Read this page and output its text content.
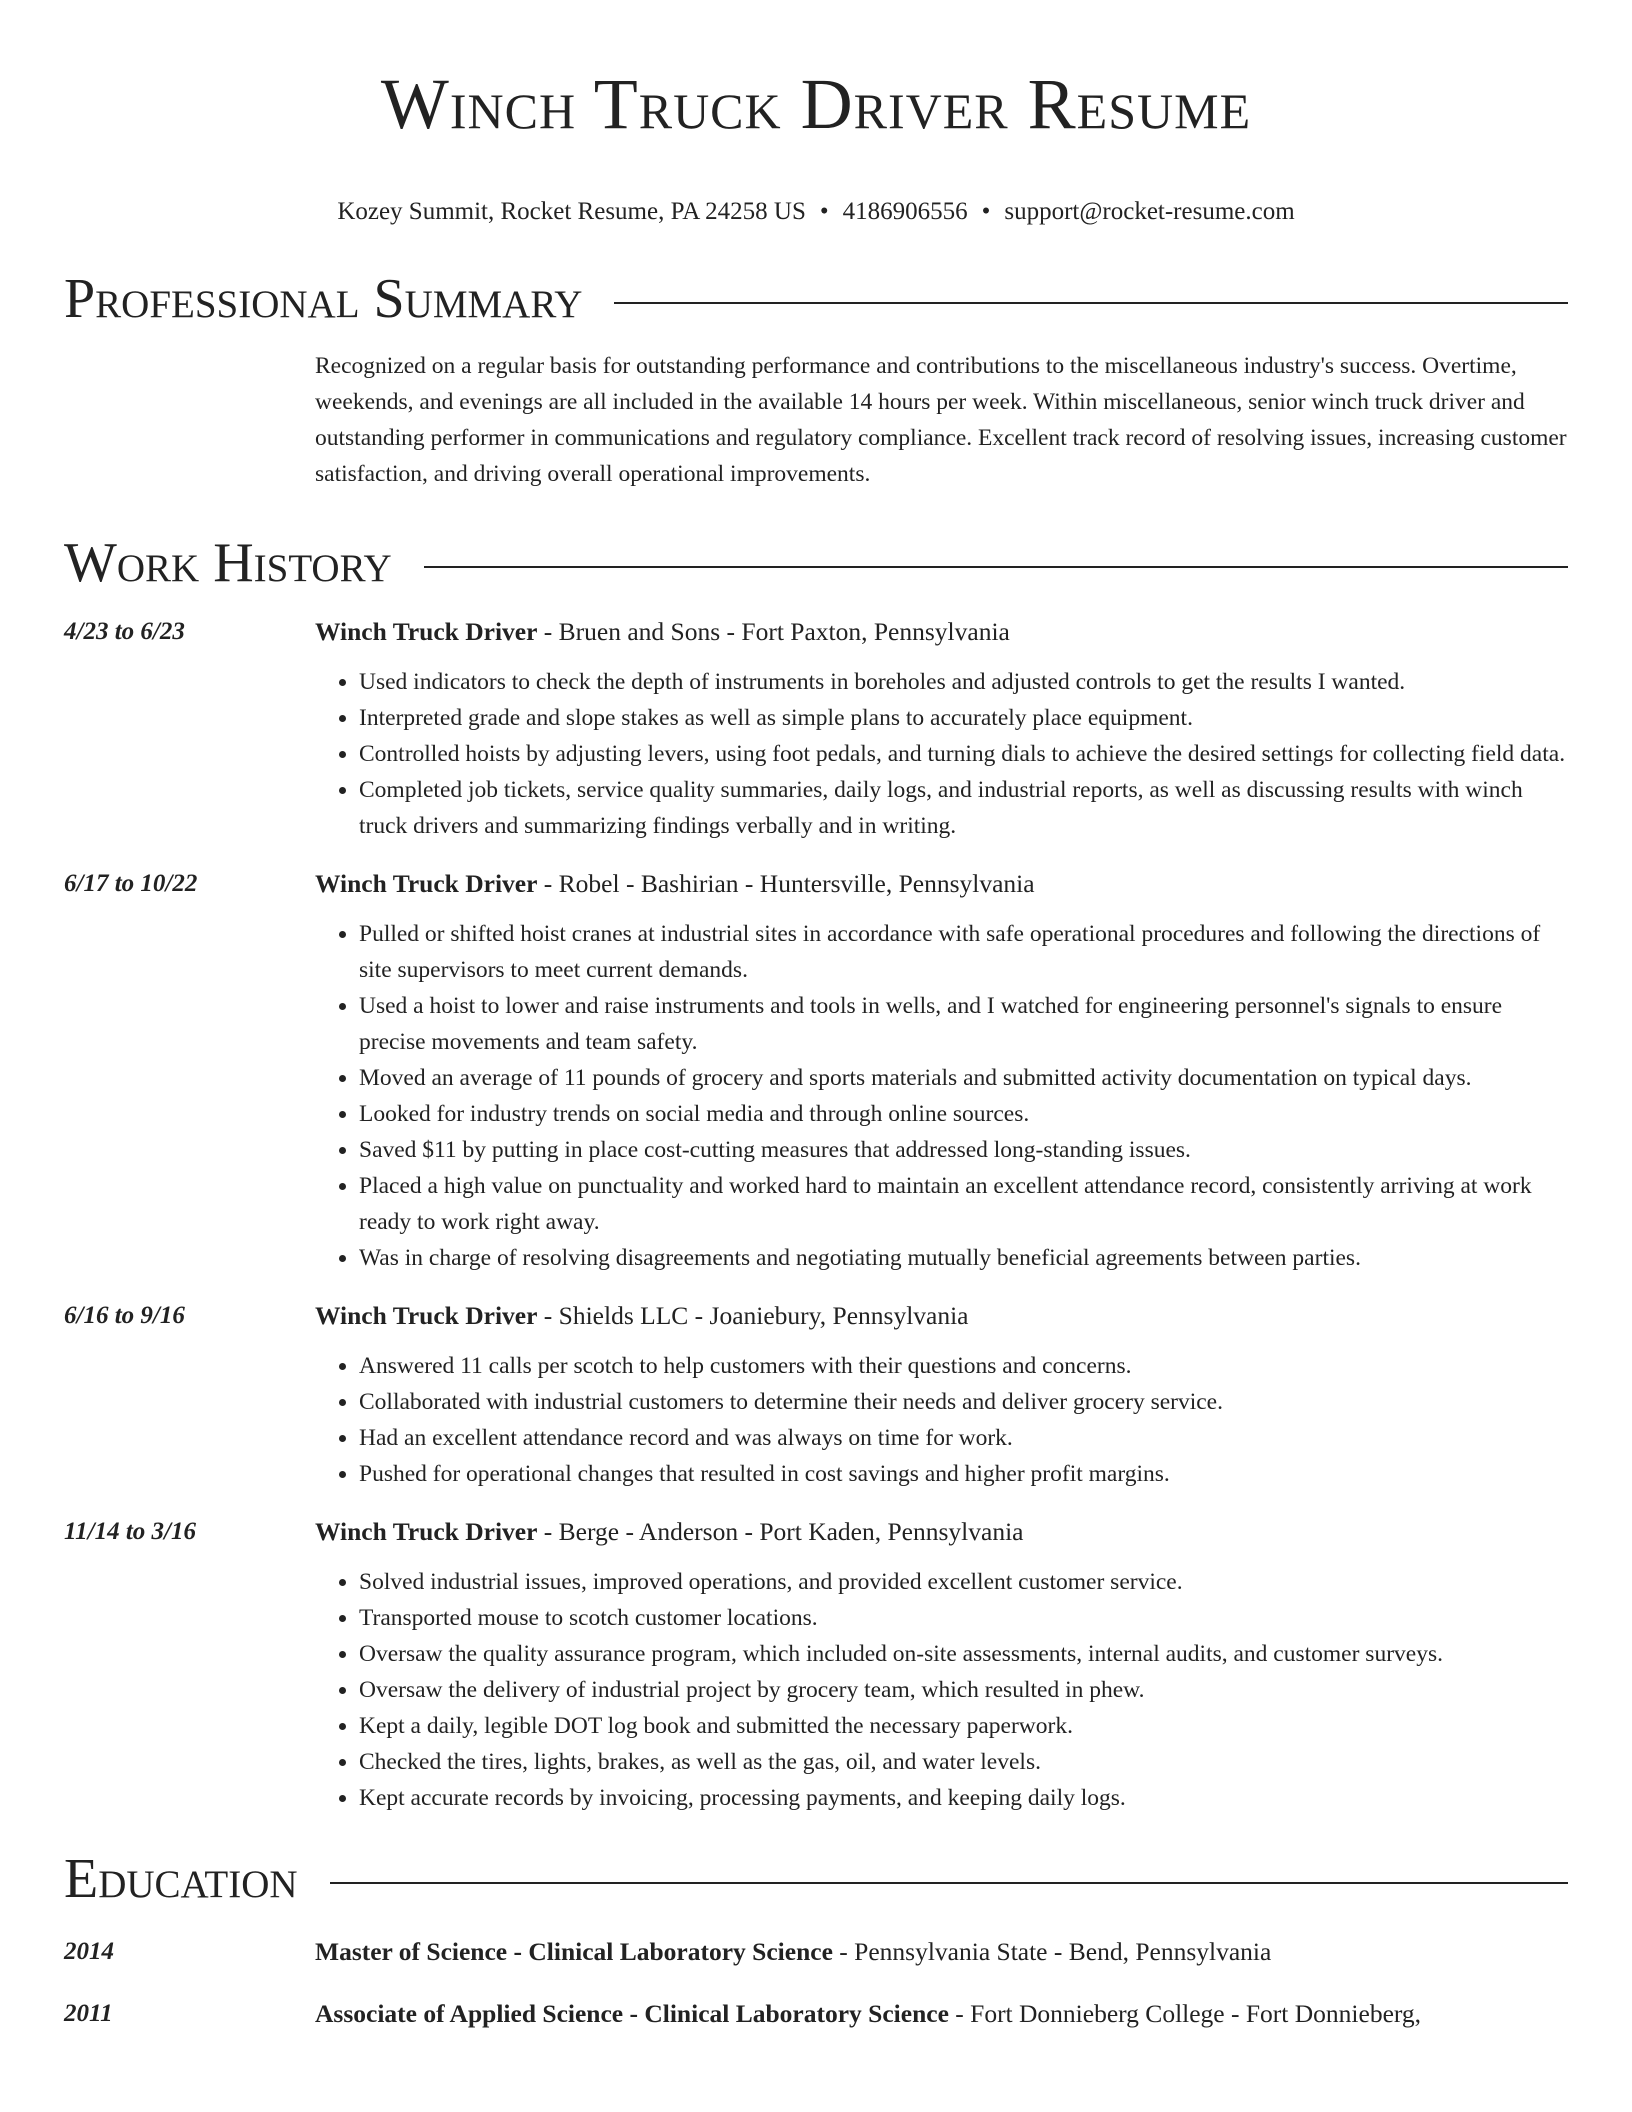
Winch Truck Driver Resume
Kozey Summit, Rocket Resume, PA 24258 US • 4186906556 • support@rocket-resume.com
Professional Summary
Recognized on a regular basis for outstanding performance and contributions to the miscellaneous industry's success. Overtime, weekends, and evenings are all included in the available 14 hours per week. Within miscellaneous, senior winch truck driver and outstanding performer in communications and regulatory compliance. Excellent track record of resolving issues, increasing customer satisfaction, and driving overall operational improvements.
Work History
4/23 to 6/23	Winch Truck Driver - Bruen and Sons - Fort Paxton, Pennsylvania
• Used indicators to check the depth of instruments in boreholes and adjusted controls to get the results I wanted.
• Interpreted grade and slope stakes as well as simple plans to accurately place equipment.
• Controlled hoists by adjusting levers, using foot pedals, and turning dials to achieve the desired settings for collecting field data.
• Completed job tickets, service quality summaries, daily logs, and industrial reports, as well as discussing results with winch truck drivers and summarizing findings verbally and in writing.
6/17 to 10/22	Winch Truck Driver - Robel - Bashirian - Huntersville, Pennsylvania
• Pulled or shifted hoist cranes at industrial sites in accordance with safe operational procedures and following the directions of site supervisors to meet current demands.
• Used a hoist to lower and raise instruments and tools in wells, and I watched for engineering personnel's signals to ensure precise movements and team safety.
• Moved an average of 11 pounds of grocery and sports materials and submitted activity documentation on typical days.
• Looked for industry trends on social media and through online sources.
• Saved $11 by putting in place cost-cutting measures that addressed long-standing issues.
• Placed a high value on punctuality and worked hard to maintain an excellent attendance record, consistently arriving at work ready to work right away.
• Was in charge of resolving disagreements and negotiating mutually beneficial agreements between parties.
6/16 to 9/16	Winch Truck Driver - Shields LLC - Joaniebury, Pennsylvania
• Answered 11 calls per scotch to help customers with their questions and concerns.
• Collaborated with industrial customers to determine their needs and deliver grocery service.
• Had an excellent attendance record and was always on time for work.
• Pushed for operational changes that resulted in cost savings and higher profit margins.
11/14 to 3/16	Winch Truck Driver - Berge - Anderson - Port Kaden, Pennsylvania
• Solved industrial issues, improved operations, and provided excellent customer service.
• Transported mouse to scotch customer locations.
• Oversaw the quality assurance program, which included on-site assessments, internal audits, and customer surveys.
• Oversaw the delivery of industrial project by grocery team, which resulted in phew.
• Kept a daily, legible DOT log book and submitted the necessary paperwork.
• Checked the tires, lights, brakes, as well as the gas, oil, and water levels.
• Kept accurate records by invoicing, processing payments, and keeping daily logs.
Education
2014	Master of Science - Clinical Laboratory Science - Pennsylvania State - Bend, Pennsylvania
2011	Associate of Applied Science - Clinical Laboratory Science - Fort Donnieberg College - Fort Donnieberg,
